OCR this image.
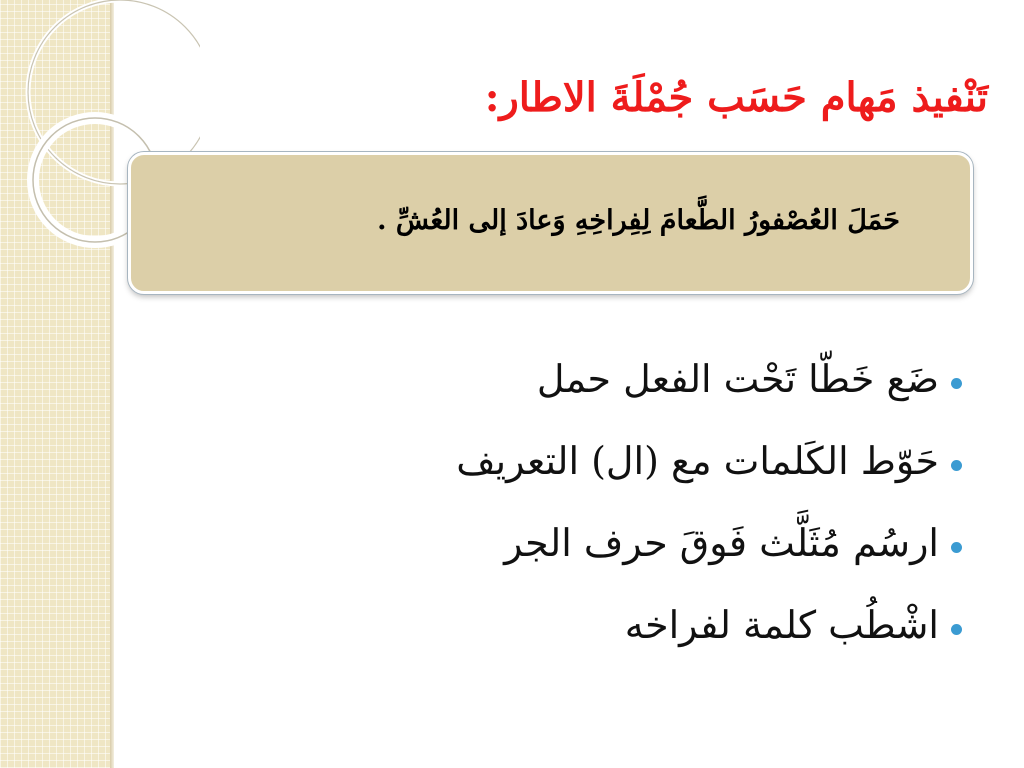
تَنْفيذ مَهام حَسَب جُمْلَةَ الاطار:
حَمَلَ العُصْفورُ الطَّعامَ لِفِراخِهِ وَعادَ إلى العُشِّ .
ضَع خَطّا تَحْت الفعل حمل
حَوّط الكَلمات مع (ال) التعريف
ارسُم مُثَلَّث فَوقَ حرف الجر
اشْطُب كلمة لفراخه
